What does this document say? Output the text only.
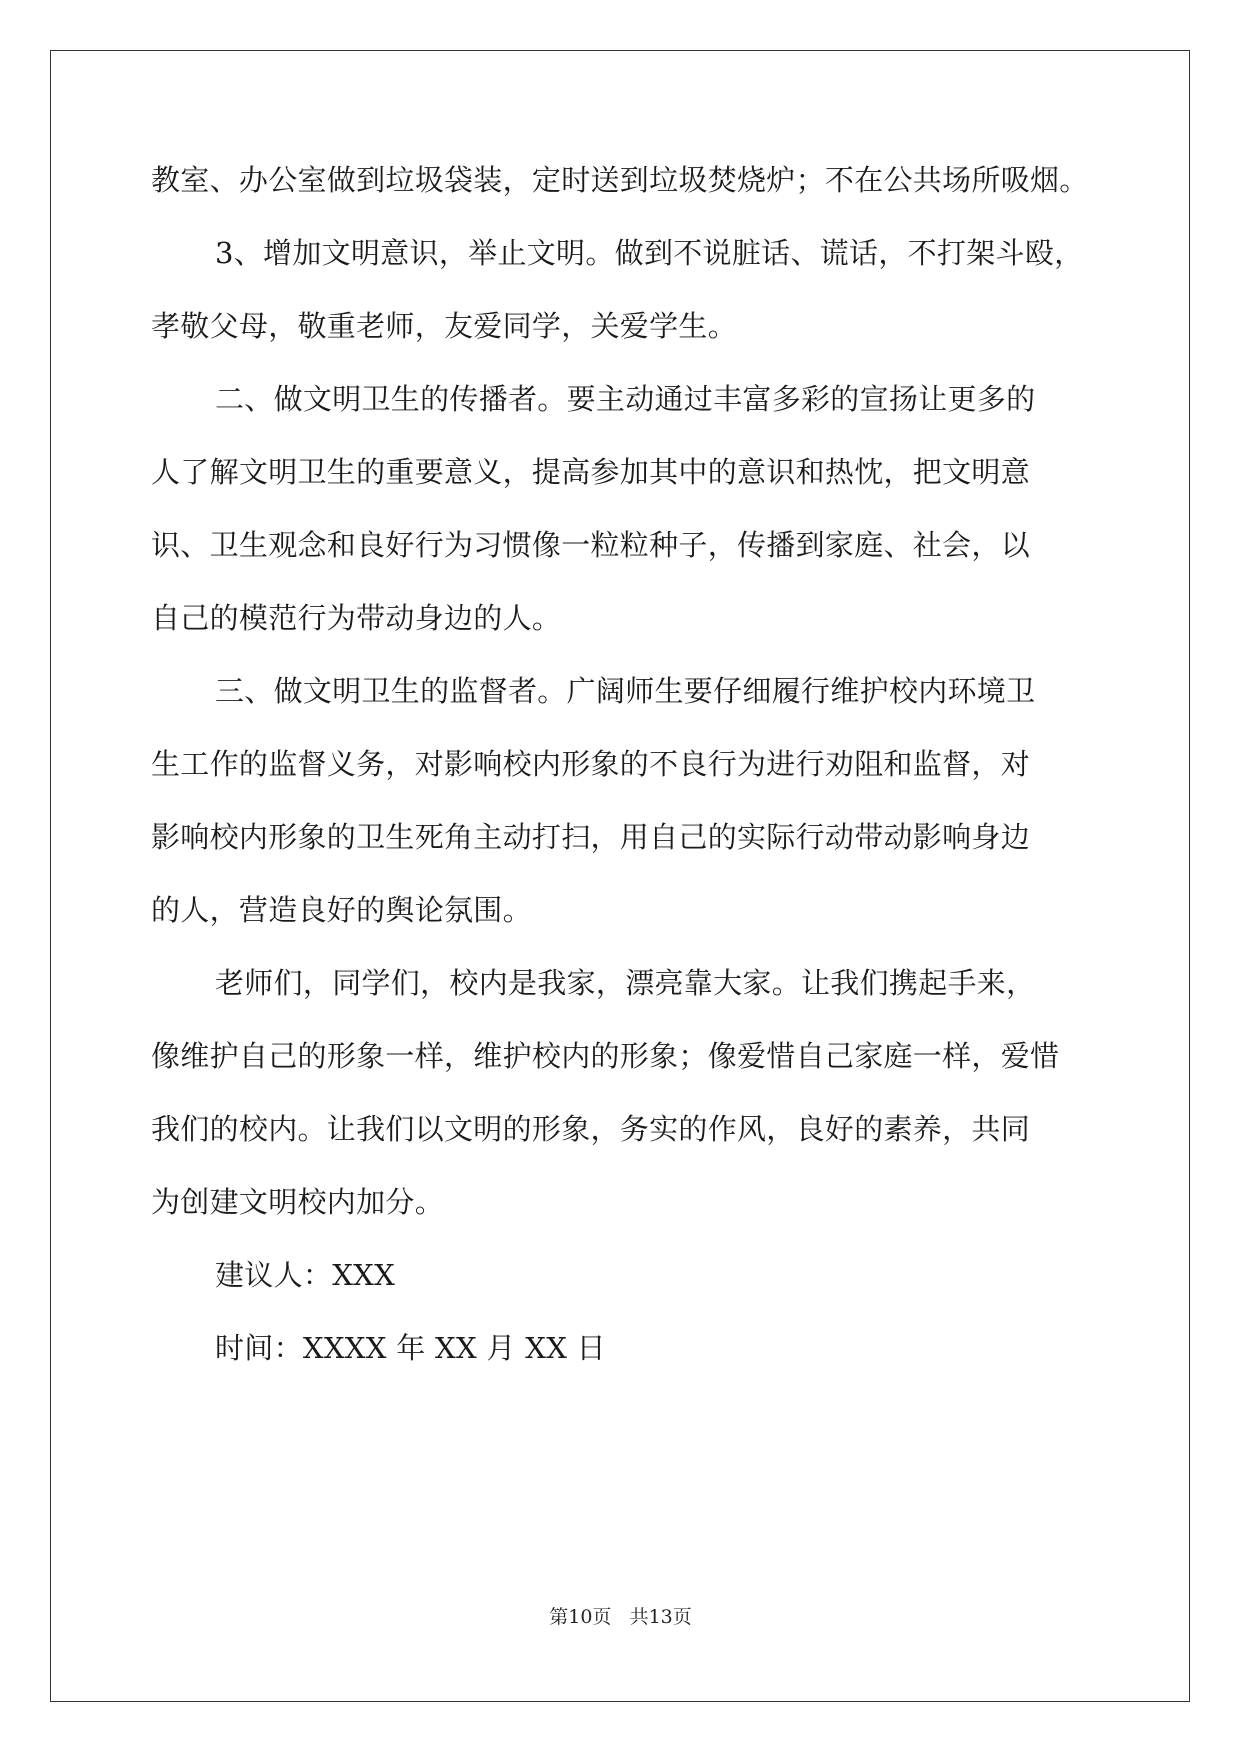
教室、办公室做到垃圾袋装，定时送到垃圾焚烧炉；不在公共场所吸烟。
3、增加文明意识，举止文明。做到不说脏话、谎话，不打架斗殴，
孝敬父母，敬重老师，友爱同学，关爱学生。
二、做文明卫生的传播者。要主动通过丰富多彩的宣扬让更多的
人了解文明卫生的重要意义，提高参加其中的意识和热忱，把文明意
识、卫生观念和良好行为习惯像一粒粒种子，传播到家庭、社会，以
自己的模范行为带动身边的人。
三、做文明卫生的监督者。广阔师生要仔细履行维护校内环境卫
生工作的监督义务，对影响校内形象的不良行为进行劝阻和监督，对
影响校内形象的卫生死角主动打扫，用自己的实际行动带动影响身边
的人，营造良好的舆论氛围。
老师们，同学们，校内是我家，漂亮靠大家。让我们携起手来，
像维护自己的形象一样，维护校内的形象；像爱惜自己家庭一样，爱惜
我们的校内。让我们以文明的形象，务实的作风，良好的素养，共同
为创建文明校内加分。
建议人：XXX
时间：XXXX 年 XX 月 XX 日
第10页 共13页
